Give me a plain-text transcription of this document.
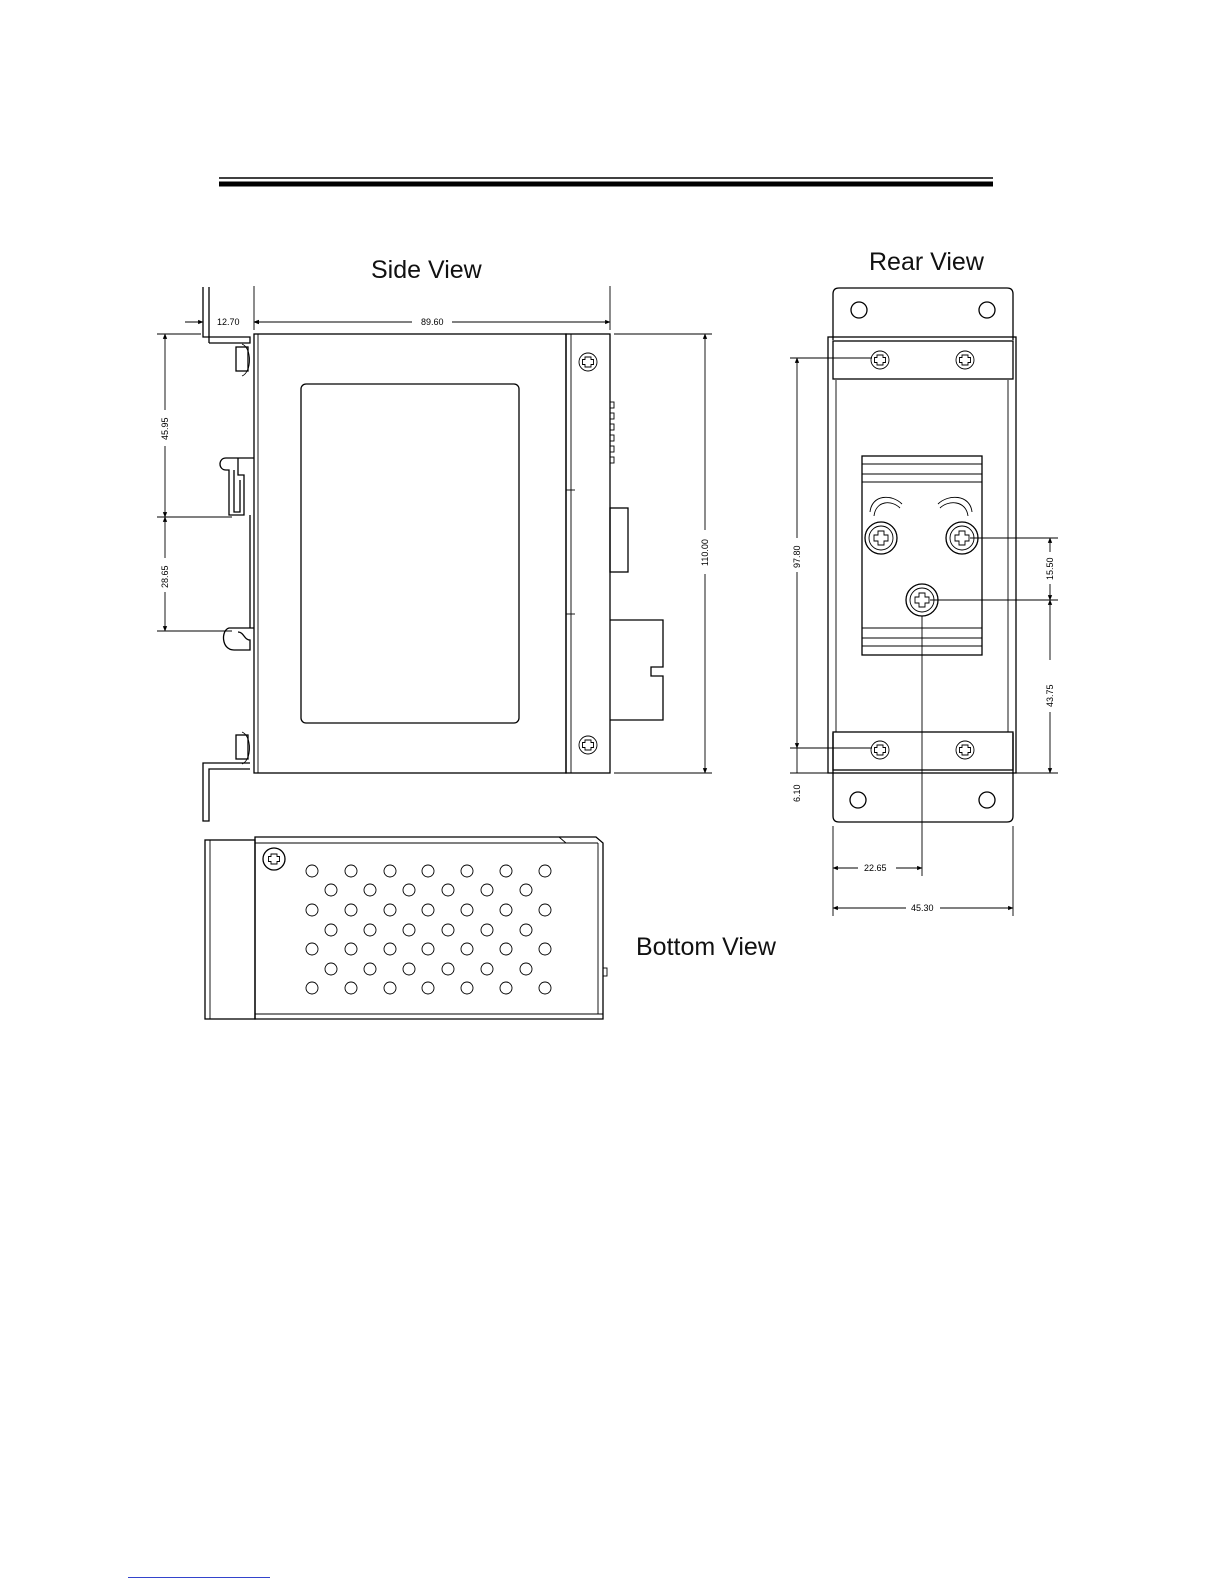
Side View
12.70	89.60
110.00
45.95
28.65
Rear View
97.80
15.50
43.75
6.10
22.65
45.30
Bottom View
